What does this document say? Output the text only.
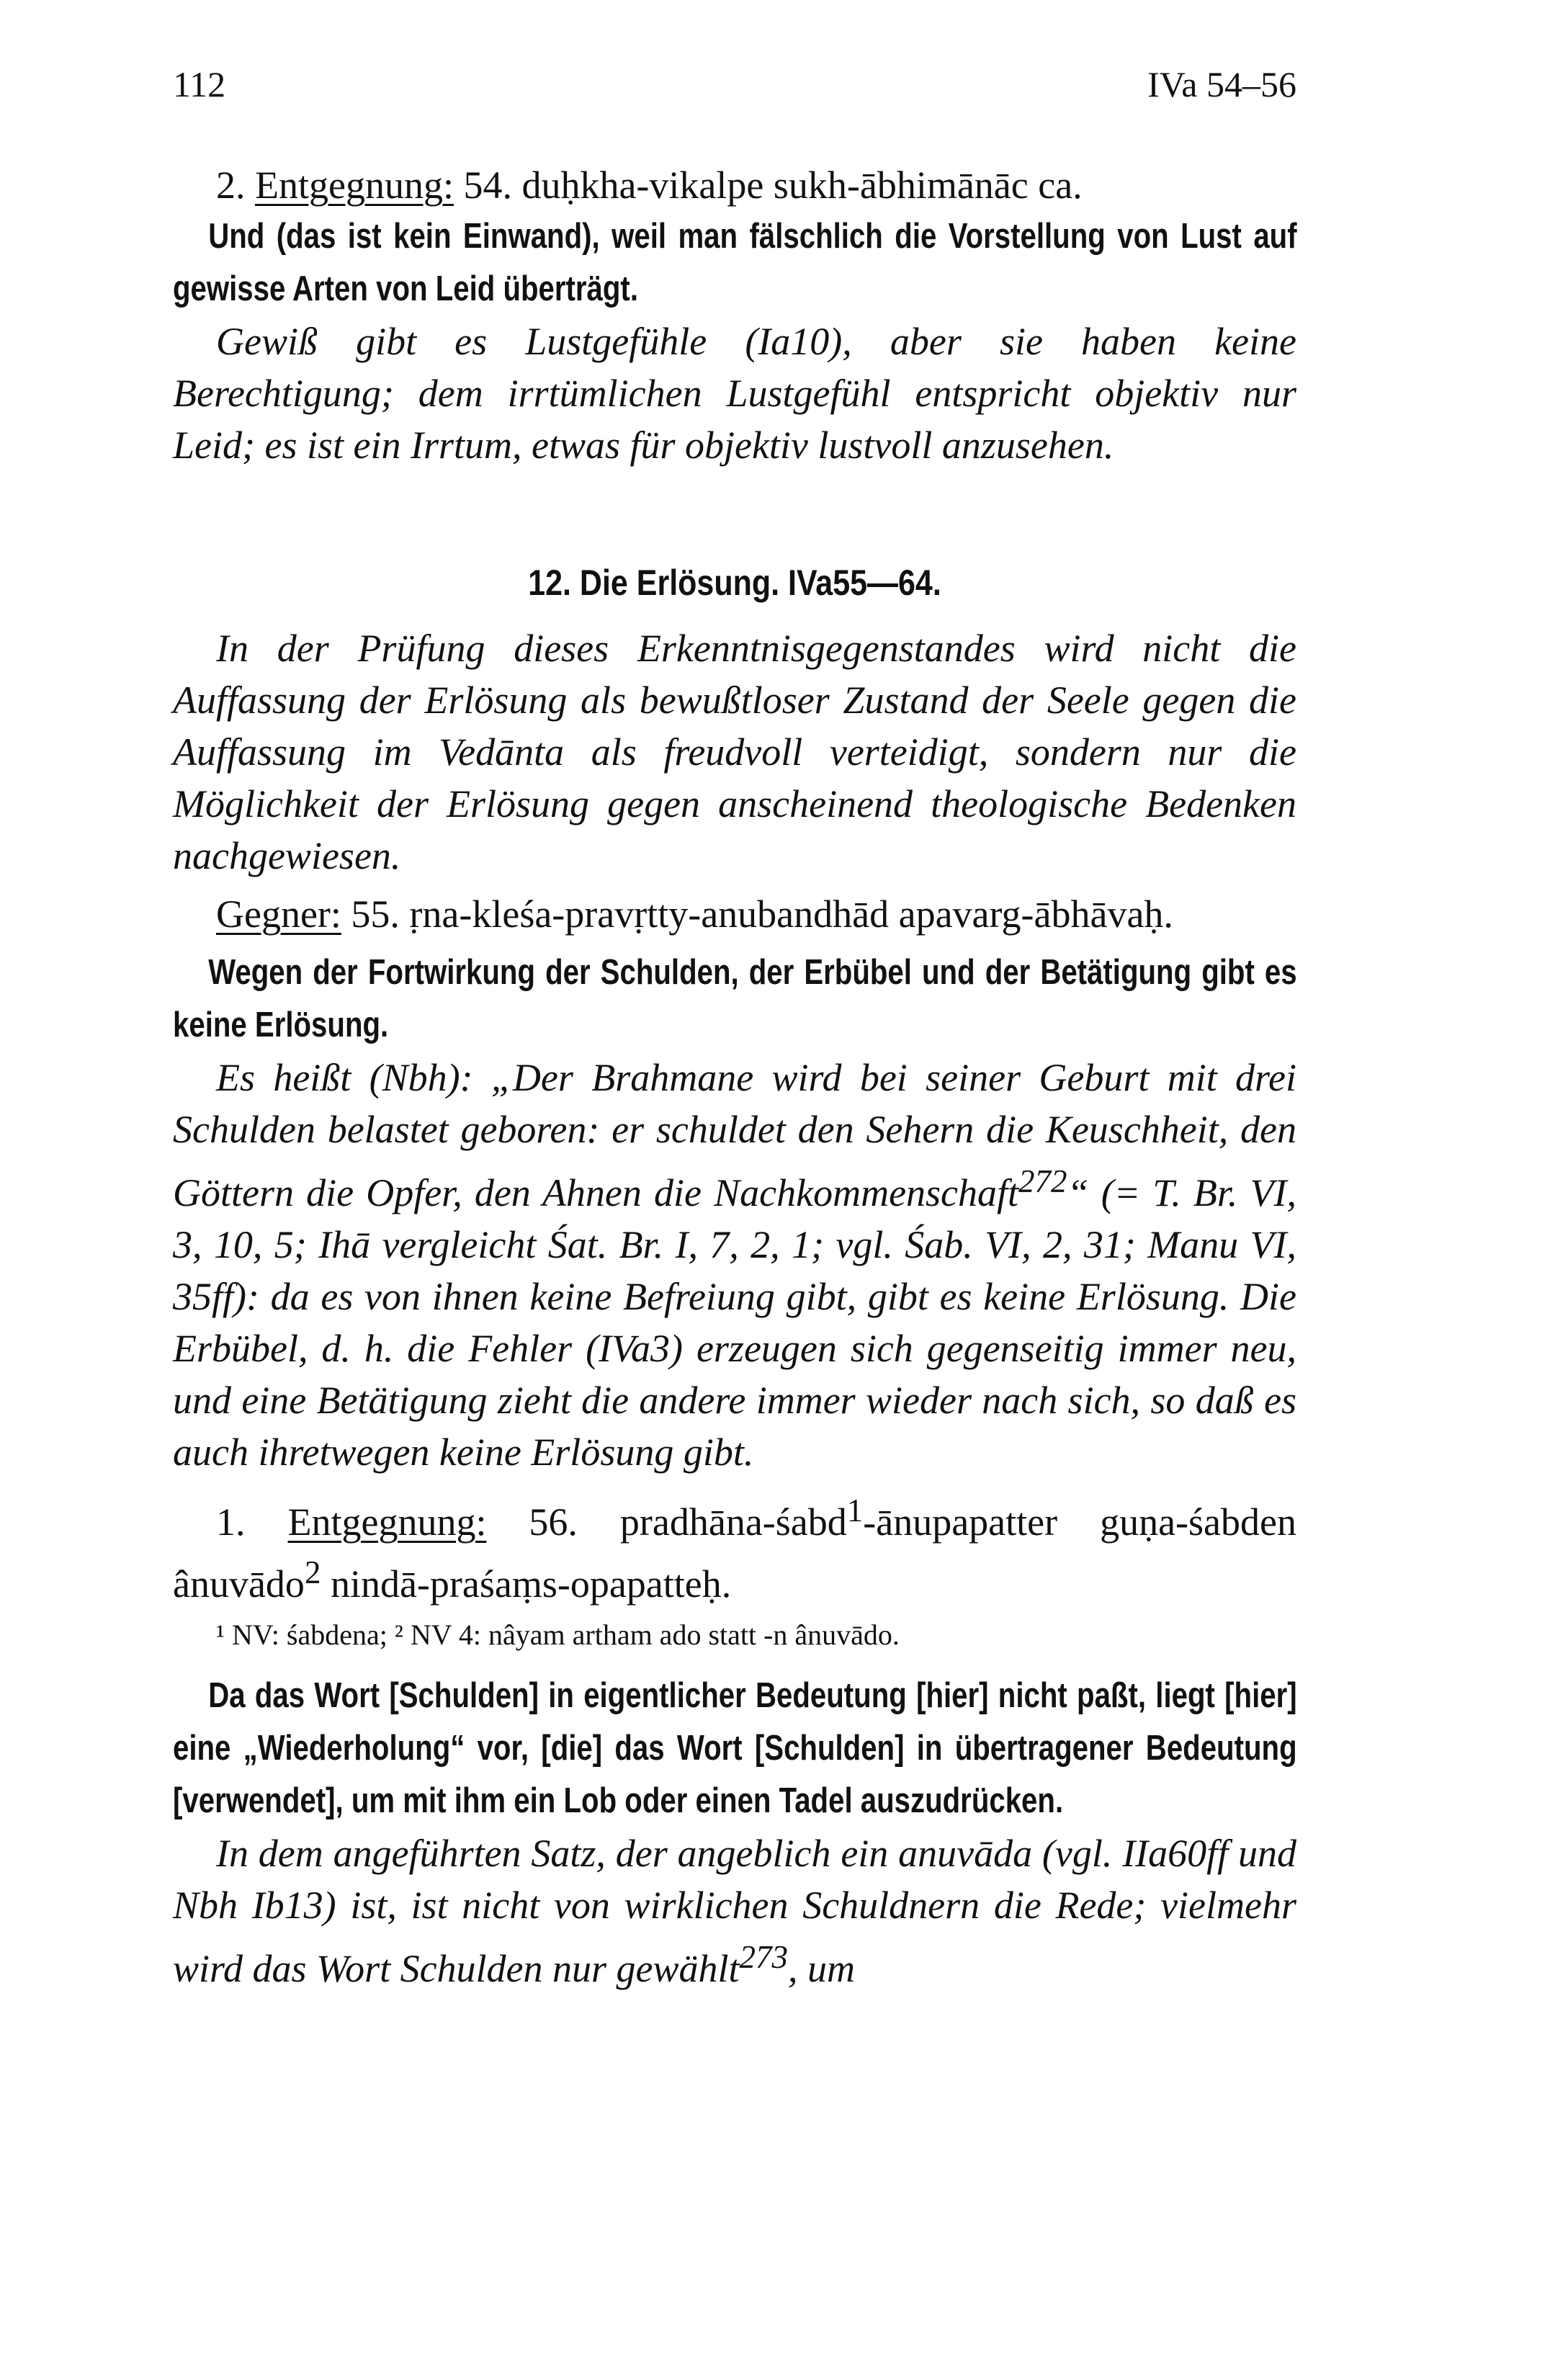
112	IVa 54–56

2. Entgegnung: 54. duḥkha-vikalpe sukh-ābhimānāc ca.

Und (das ist kein Einwand), weil man fälschlich die Vorstellung von Lust auf gewisse Arten von Leid überträgt.

Gewiß gibt es Lustgefühle (Ia10), aber sie haben keine Berechtigung; dem irrtümlichen Lustgefühl entspricht objektiv nur Leid; es ist ein Irrtum, etwas für objektiv lustvoll anzusehen.

12. Die Erlösung. IVa55—64.

In der Prüfung dieses Erkenntnisgegenstandes wird nicht die Auffassung der Erlösung als bewußtloser Zustand der Seele gegen die Auffassung im Vedānta als freudvoll verteidigt, sondern nur die Möglichkeit der Erlösung gegen anscheinend theologische Bedenken nachgewiesen.

Gegner: 55. ṛna-kleśa-pravṛtty-anubandhād apavarg-ābhāvaḥ.

Wegen der Fortwirkung der Schulden, der Erbübel und der Betätigung gibt es keine Erlösung.

Es heißt (Nbh): „Der Brahmane wird bei seiner Geburt mit drei Schulden belastet geboren: er schuldet den Sehern die Keuschheit, den Göttern die Opfer, den Ahnen die Nachkommenschaft$^{272}$“ (= T. Br. VI, 3, 10, 5; Ihā vergleicht Śat. Br. I, 7, 2, 1; vgl. Śab. VI, 2, 31; Manu VI, 35ff): da es von ihnen keine Befreiung gibt, gibt es keine Erlösung. Die Erbübel, d. h. die Fehler (IVa3) erzeugen sich gegenseitig immer neu, und eine Betätigung zieht die andere immer wieder nach sich, so daß es auch ihretwegen keine Erlösung gibt.

1. Entgegnung: 56. pradhāna-śabd$^1$-ānupapatter guṇa-śabden ânuvādo$^2$ nindā-praśaṃs-opapatteḥ.

¹ NV: śabdena; ² NV 4: nâyam artham ado statt -n ânuvādo.

Da das Wort [Schulden] in eigentlicher Bedeutung [hier] nicht paßt, liegt [hier] eine „Wiederholung“ vor, [die] das Wort [Schulden] in übertragener Bedeutung [verwendet], um mit ihm ein Lob oder einen Tadel auszudrücken.

In dem angeführten Satz, der angeblich ein anuvāda (vgl. IIa60ff und Nbh Ib13) ist, ist nicht von wirklichen Schuldnern die Rede; vielmehr wird das Wort Schulden nur gewählt$^{273}$, um
